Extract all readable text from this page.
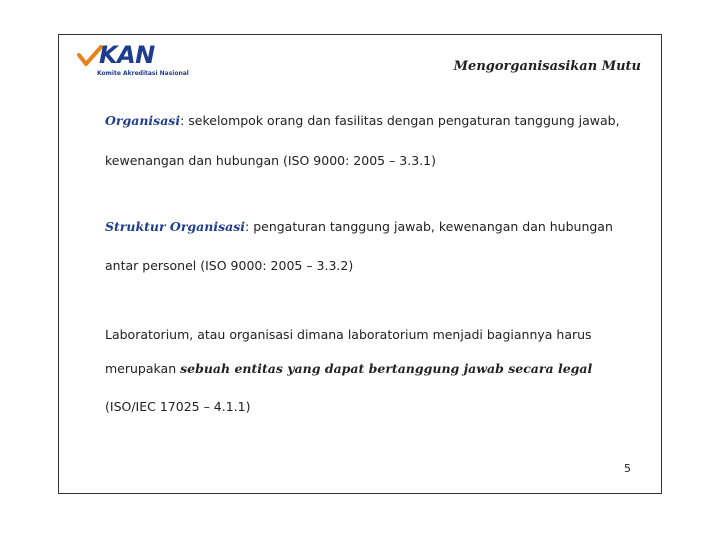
KAN
Komite Akreditasi Nasional	Mengorganisasikan Mutu
Organisasi: sekelompok orang dan fasilitas dengan pengaturan tanggung jawab,
kewenangan dan hubungan (ISO 9000: 2005 – 3.3.1)
Struktur Organisasi: pengaturan tanggung jawab, kewenangan dan hubungan
antar personel (ISO 9000: 2005 – 3.3.2)
Laboratorium, atau organisasi dimana laboratorium menjadi bagiannya harus
merupakan sebuah entitas yang dapat bertanggung jawab secara legal
(ISO/IEC 17025 – 4.1.1)
5
